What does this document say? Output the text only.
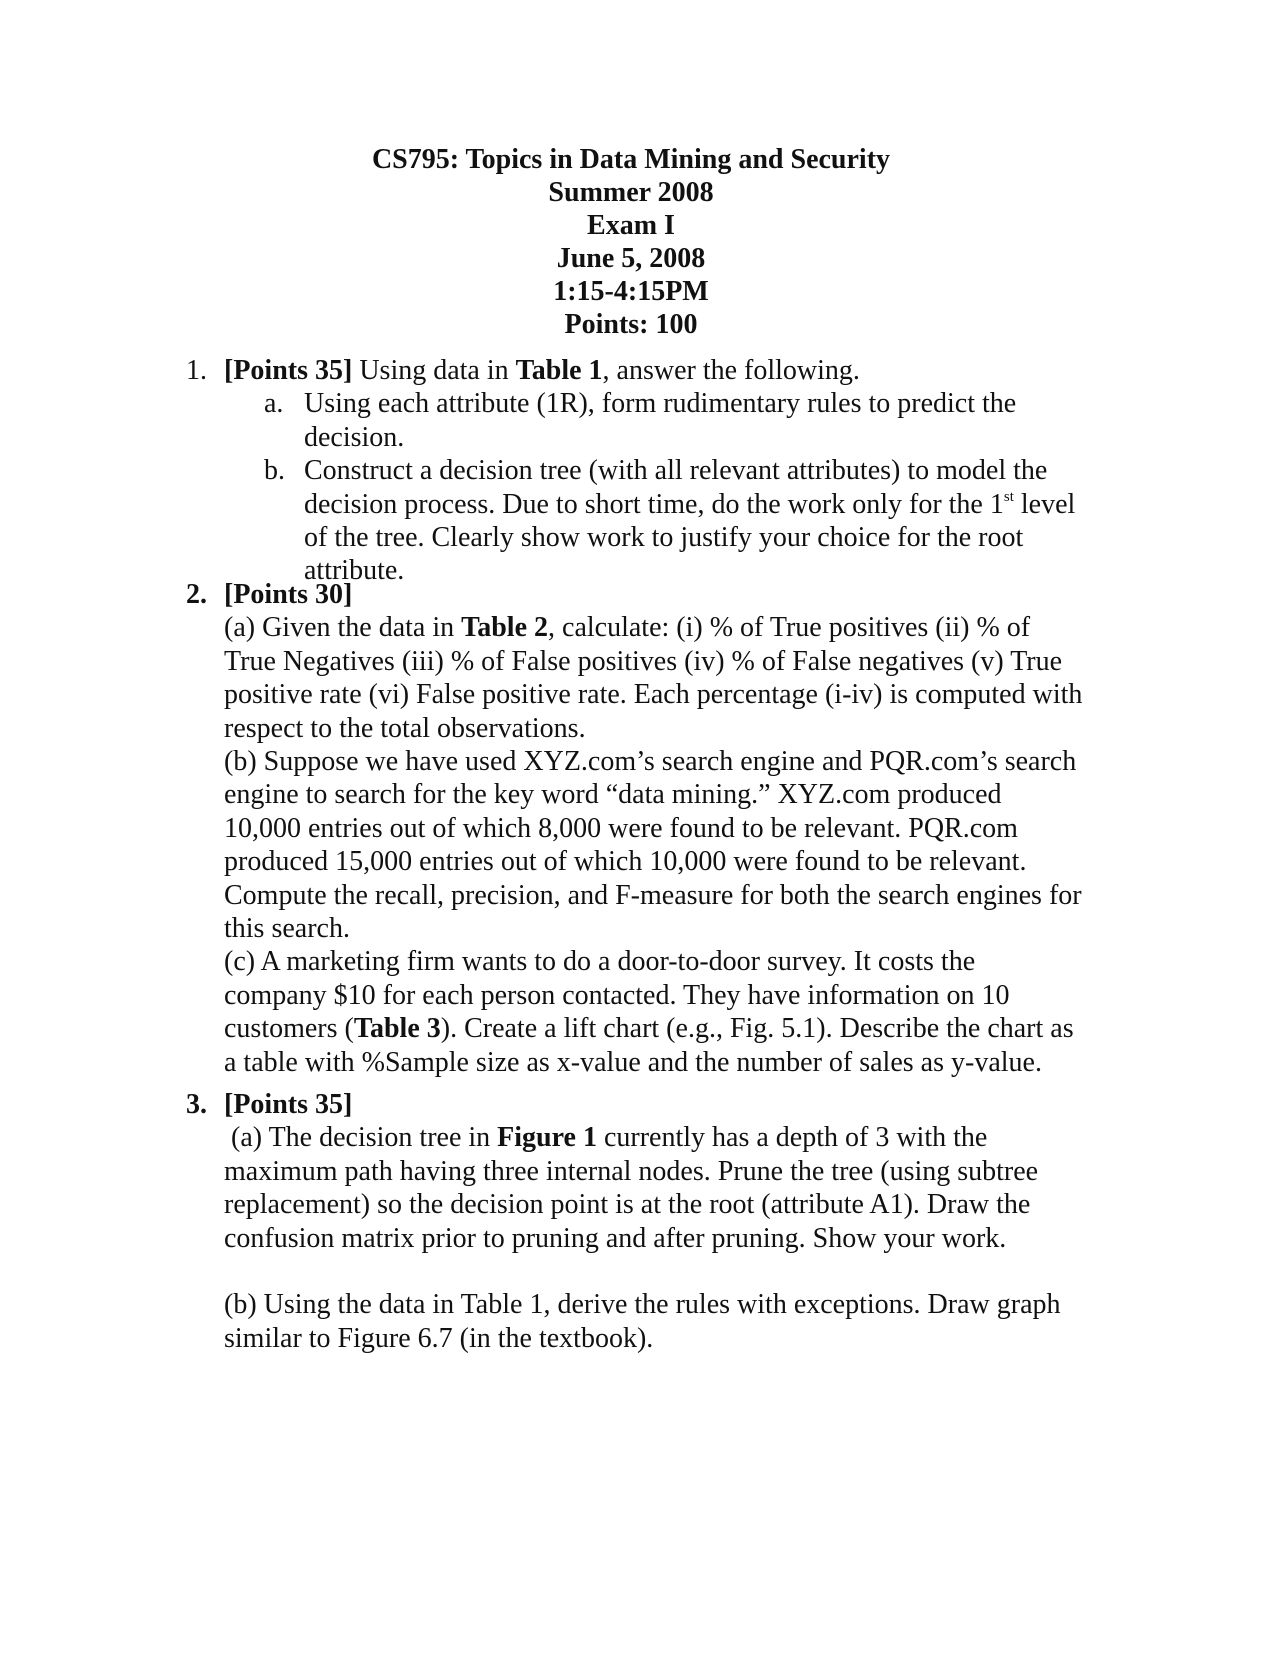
CS795: Topics in Data Mining and Security
Summer 2008
Exam I
June 5, 2008
1:15-4:15PM
Points: 100
1. [Points 35] Using data in Table 1, answer the following.
a. Using each attribute (1R), form rudimentary rules to predict the
decision.
b. Construct a decision tree (with all relevant attributes) to model the
decision process. Due to short time, do the work only for the 1st level
of the tree. Clearly show work to justify your choice for the root
attribute.
2. [Points 30]
(a) Given the data in Table 2, calculate: (i) % of True positives (ii) % of
True Negatives (iii) % of False positives (iv) % of False negatives (v) True
positive rate (vi) False positive rate. Each percentage (i-iv) is computed with
respect to the total observations.
(b) Suppose we have used XYZ.com’s search engine and PQR.com’s search
engine to search for the key word “data mining.” XYZ.com produced
10,000 entries out of which 8,000 were found to be relevant. PQR.com
produced 15,000 entries out of which 10,000 were found to be relevant.
Compute the recall, precision, and F-measure for both the search engines for
this search.
(c) A marketing firm wants to do a door-to-door survey. It costs the
company $10 for each person contacted. They have information on 10
customers (Table 3). Create a lift chart (e.g., Fig. 5.1). Describe the chart as
a table with %Sample size as x-value and the number of sales as y-value.
3. [Points 35]
(a) The decision tree in Figure 1 currently has a depth of 3 with the
maximum path having three internal nodes. Prune the tree (using subtree
replacement) so the decision point is at the root (attribute A1). Draw the
confusion matrix prior to pruning and after pruning. Show your work.
(b) Using the data in Table 1, derive the rules with exceptions. Draw graph
similar to Figure 6.7 (in the textbook).
